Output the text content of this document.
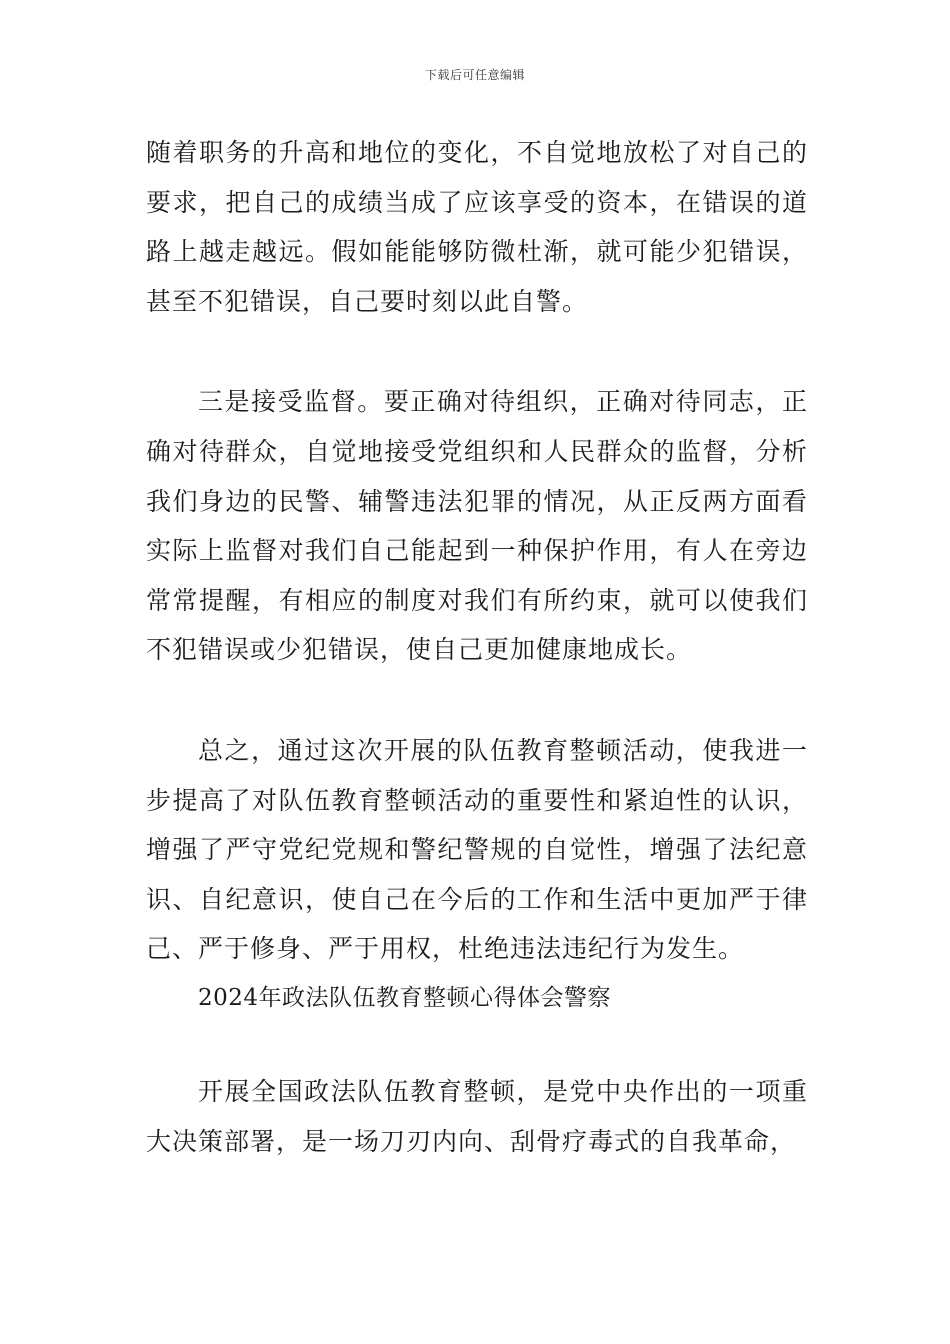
下载后可任意编辑

随着职务的升高和地位的变化，不自觉地放松了对自己的要求，把自己的成绩当成了应该享受的资本，在错误的道路上越走越远。假如能能够防微杜渐，就可能少犯错误，甚至不犯错误，自己要时刻以此自警。

三是接受监督。要正确对待组织，正确对待同志，正确对待群众，自觉地接受党组织和人民群众的监督，分析我们身边的民警、辅警违法犯罪的情况，从正反两方面看实际上监督对我们自己能起到一种保护作用，有人在旁边常常提醒，有相应的制度对我们有所约束，就可以使我们不犯错误或少犯错误，使自己更加健康地成长。

总之，通过这次开展的队伍教育整顿活动，使我进一步提高了对队伍教育整顿活动的重要性和紧迫性的认识，增强了严守党纪党规和警纪警规的自觉性，增强了法纪意识、自纪意识，使自己在今后的工作和生活中更加严于律己、严于修身、严于用权，杜绝违法违纪行为发生。

2024年政法队伍教育整顿心得体会警察

开展全国政法队伍教育整顿，是党中央作出的一项重大决策部署，是一场刀刃内向、刮骨疗毒式的自我革命，
